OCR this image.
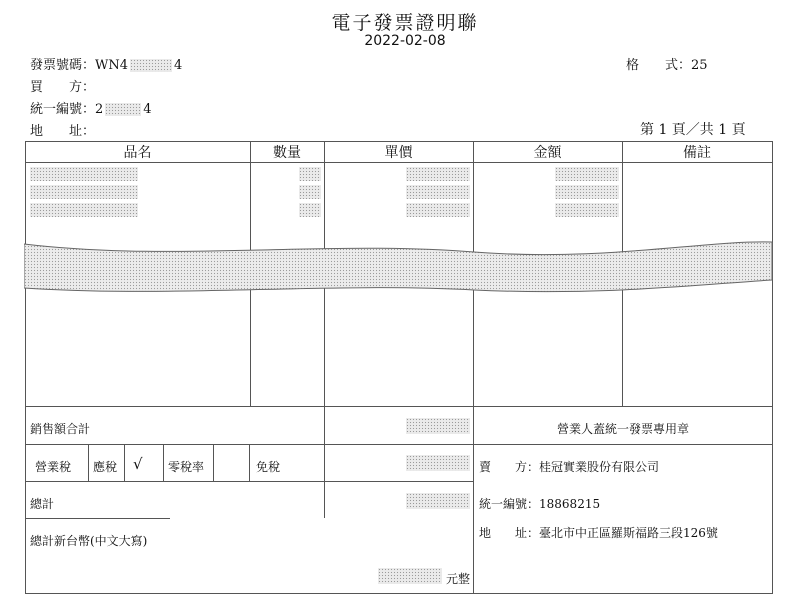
電子發票證明聯
2022-02-08
發票號碼：WN4	4	格　　式：25
買　　方：
統一編號：2	4
地　　址：	第 1 頁／共 1 頁
品名	數量	單價	金額	備註
銷售額合計	營業人蓋統一發票專用章
營業稅 應稅 √ 零稅率	免稅	賣　　方：桂冠實業股份有限公司
總計	統一編號：18868215
總計新台幣(中文大寫)
地　　址：臺北市中正區羅斯福路三段126號
元整
